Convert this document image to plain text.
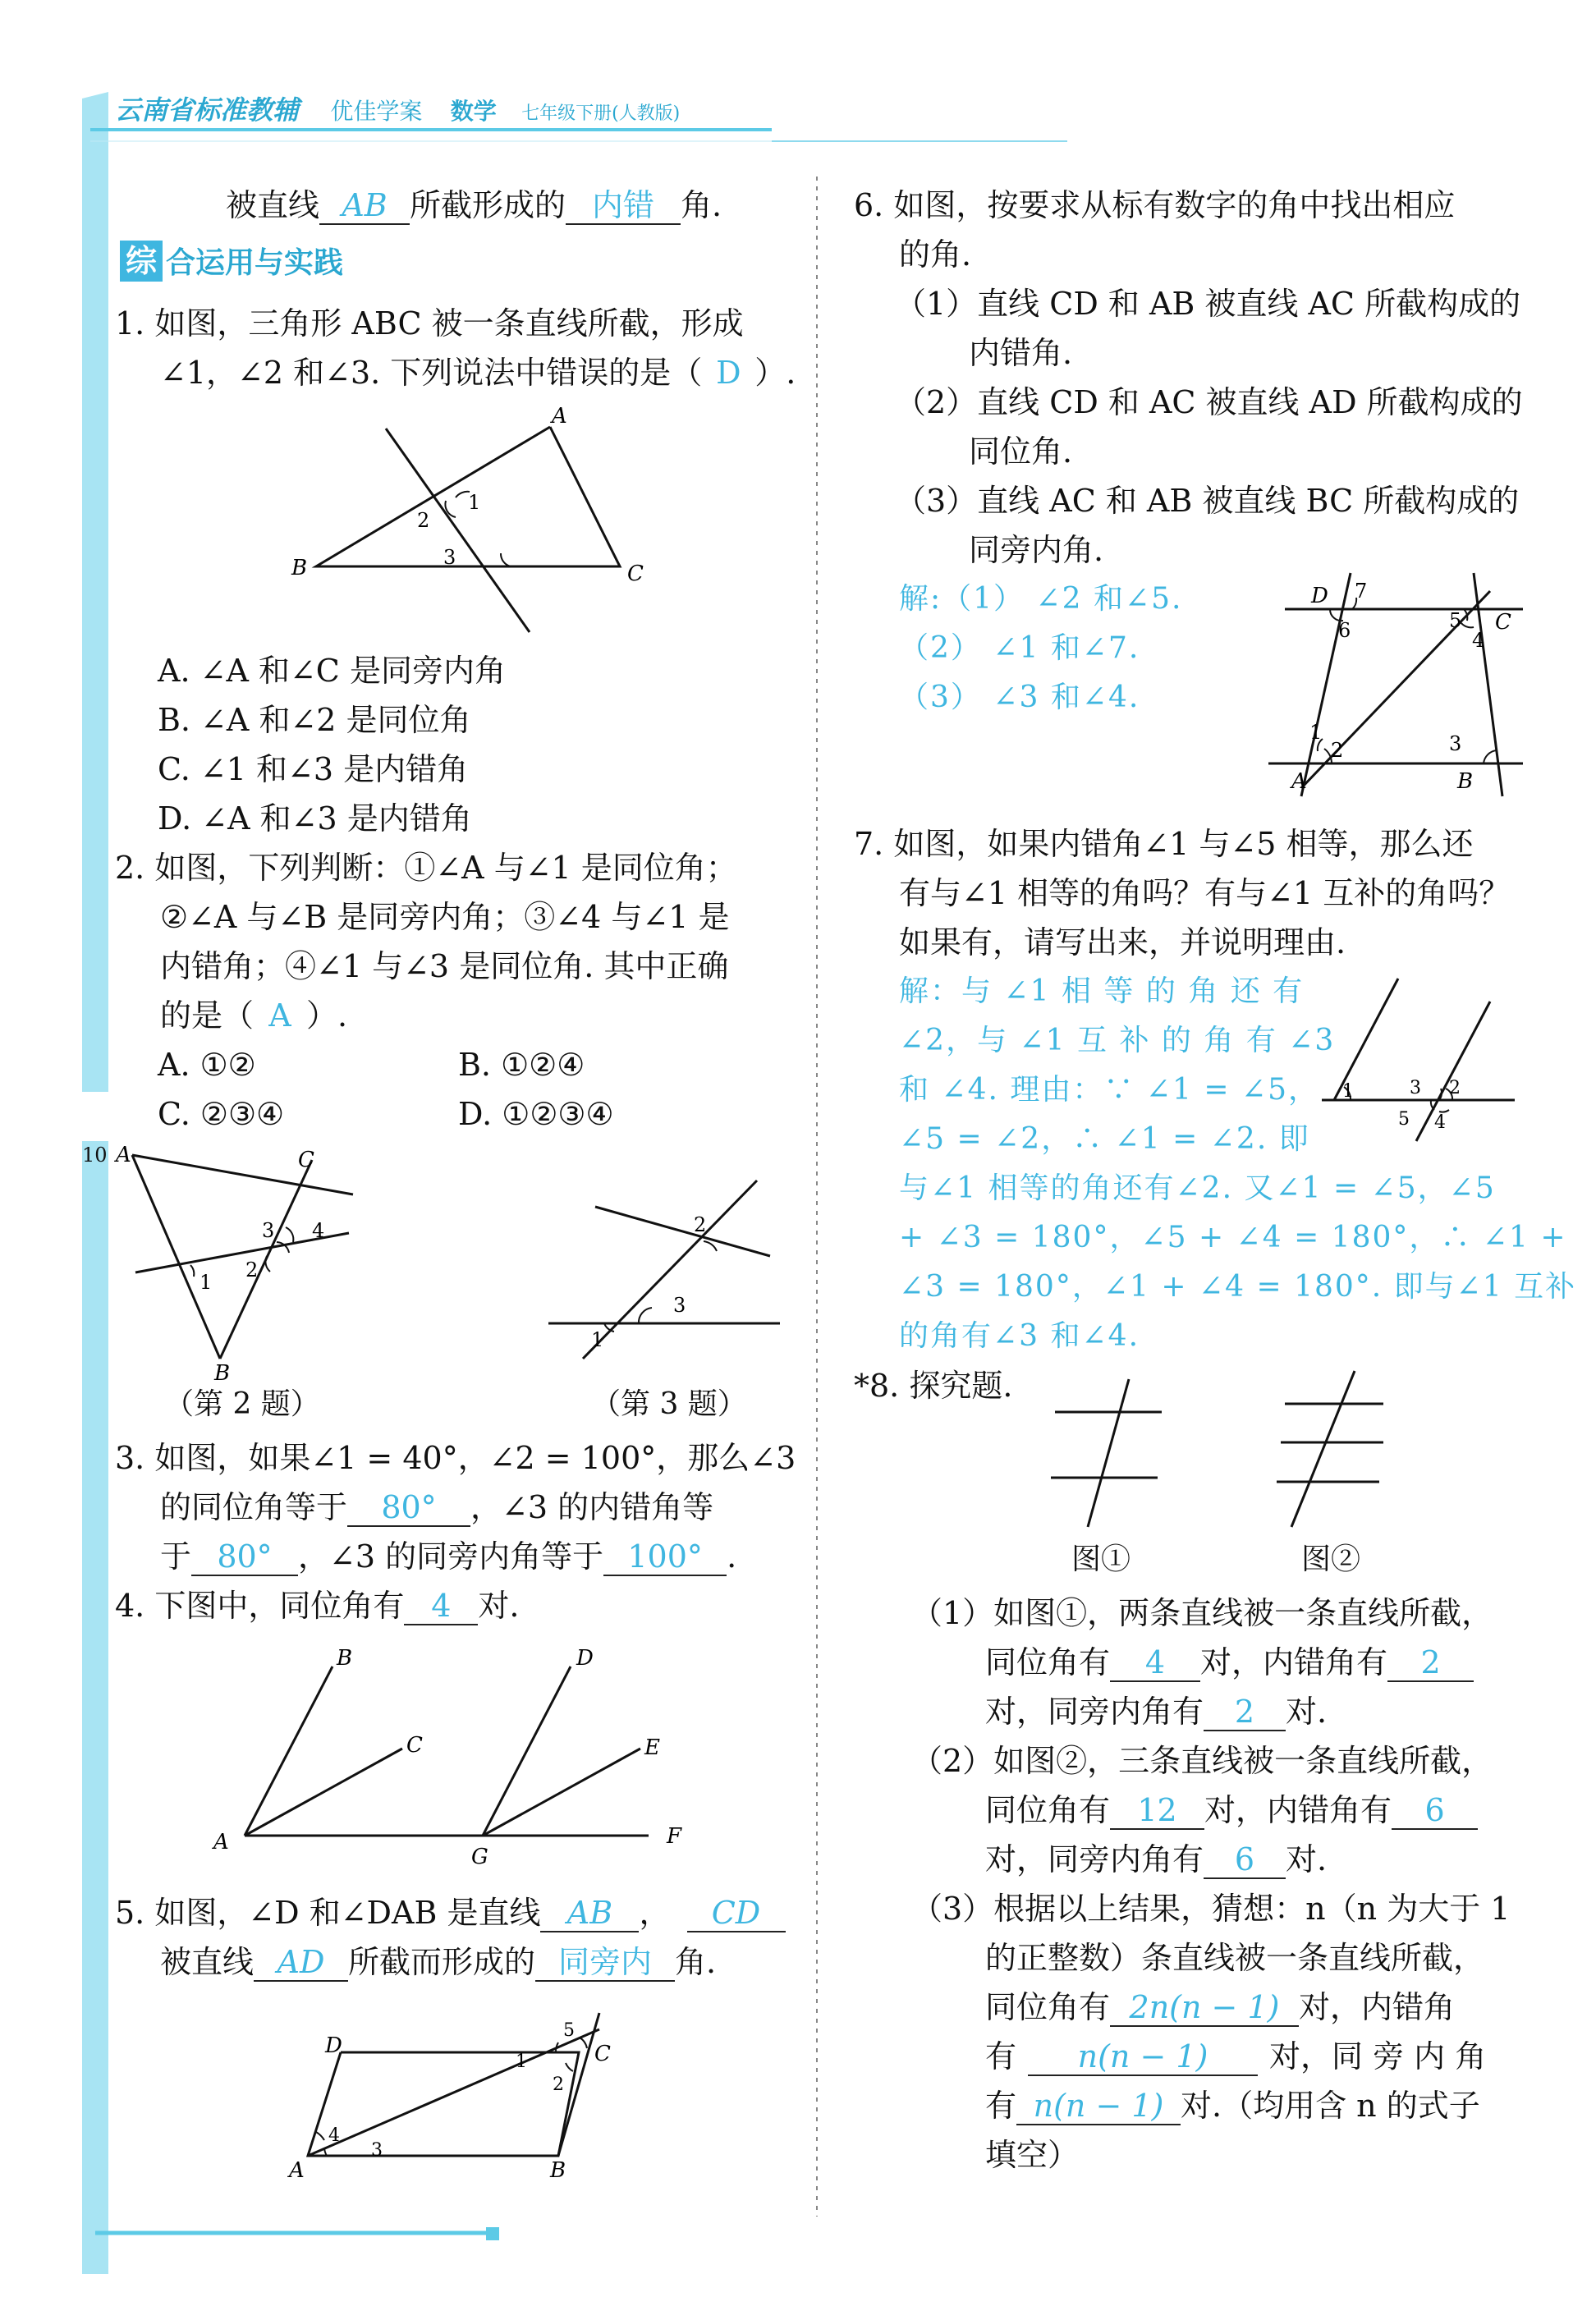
云南省标准教辅 优佳学案 数学 七年级下册(人教版)
10
被直线 AB 所截形成的 内错 角.
综 合运用与实践
1. 如图，三角形 ABC 被一条直线所截，形成
∠1，∠2 和∠3. 下列说法中错误的是（ D ）.
A
B	C
1
2
3
A. ∠A 和∠C 是同旁内角
B. ∠A 和∠2 是同位角
C. ∠1 和∠3 是内错角
D. ∠A 和∠3 是内错角
2. 如图，下列判断：①∠A 与∠1 是同位角；
②∠A 与∠B 是同旁内角；③∠4 与∠1 是
内错角；④∠1 与∠3 是同位角. 其中正确
的是（ A ）.
A. ①②	B. ①②④
C. ②③④	D. ①②③④
A	C
B
1
2
3 4
（第 2 题）
2
3
1
（第 3 题）
3. 如图，如果∠1 = 40°，∠2 = 100°，那么∠3
的同位角等于 80° ，∠3 的内错角等
于 80° ，∠3 的同旁内角等于 100° .
4. 下图中，同位角有 4 对.
B
C
D
E
A
G
F
5. 如图，∠D 和∠DAB 是直线 AB ， CD
被直线 AD 所截而形成的 同旁内 角.
D	C
A	B
1
2
3
4
5
6. 如图，按要求从标有数字的角中找出相应
的角.
（1）直线 CD 和 AB 被直线 AC 所截构成的
内错角.
（2）直线 CD 和 AC 被直线 AD 所截构成的
同位角.
（3）直线 AC 和 AB 被直线 BC 所截构成的
同旁内角.
解:（1） ∠2 和∠5.
（2） ∠1 和∠7.
（3） ∠3 和∠4.
D
C
A	B
7
6	5
4
1
2	3
7. 如图，如果内错角∠1 与∠5 相等，那么还
有与∠1 相等的角吗？有与∠1 互补的角吗？
如果有，请写出来，并说明理由.
解：与 ∠1 相 等 的 角 还 有
∠2，与 ∠1 互 补 的 角 有 ∠3
和 ∠4. 理由：∵ ∠1 = ∠5，
∠5 = ∠2，∴ ∠1 = ∠2. 即
与∠1 相等的角还有∠2. 又∠1 = ∠5，∠5
+ ∠3 = 180°，∠5 + ∠4 = 180°，∴ ∠1 +
∠3 = 180°，∠1 + ∠4 = 180°. 即与∠1 互补
的角有∠3 和∠4.
1	3 2
5 4
*8. 探究题.
图①	图②
（1）如图①，两条直线被一条直线所截，
同位角有 4 对，内错角有 2
对，同旁内角有 2 对.
（2）如图②，三条直线被一条直线所截，
同位角有 12 对，内错角有 6
对，同旁内角有 6 对.
（3）根据以上结果，猜想：n（n 为大于 1
的正整数）条直线被一条直线所截，
同位角有 2n(n − 1) 对，内错角
有 n(n − 1) 对，同 旁 内 角
有 n(n − 1) 对.（均用含 n 的式子
填空）
